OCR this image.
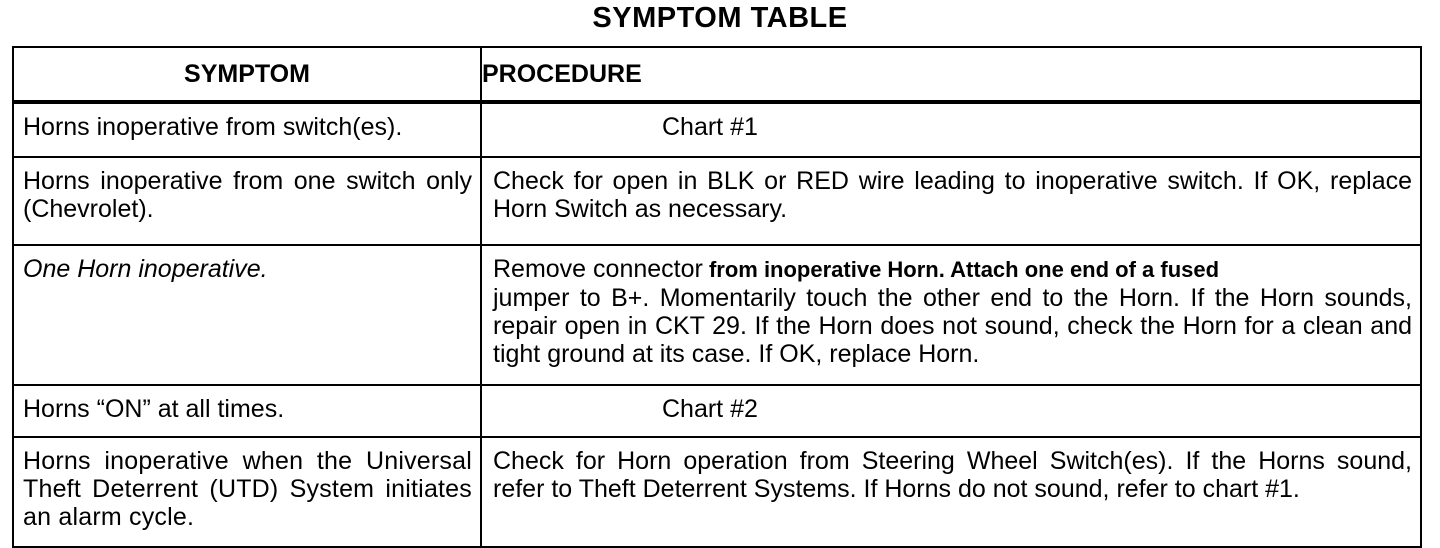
SYMPTOM TABLE
SYMPTOM	PROCEDURE

Horns inoperative from switch(es).	Chart #1

Horns inoperative from one switch only (Chevrolet).	Check for open in BLK or RED wire leading to inoperative switch. If OK, replace Horn Switch as necessary.

One Horn inoperative.	Remove connector from inoperative Horn. Attach one end of a fused
jumper to B+. Momentarily touch the other end to the Horn. If the Horn sounds, repair open in CKT 29. If the Horn does not sound, check the Horn for a clean and tight ground at its case. If OK, replace Horn.

Horns “ON” at all times.	Chart #2

Horns inoperative when the Universal Theft Deterrent (UTD) System initiates an alarm cycle.	Check for Horn operation from Steering Wheel Switch(es). If the Horns sound, refer to Theft Deterrent Systems. If Horns do not sound, refer to chart #1.
